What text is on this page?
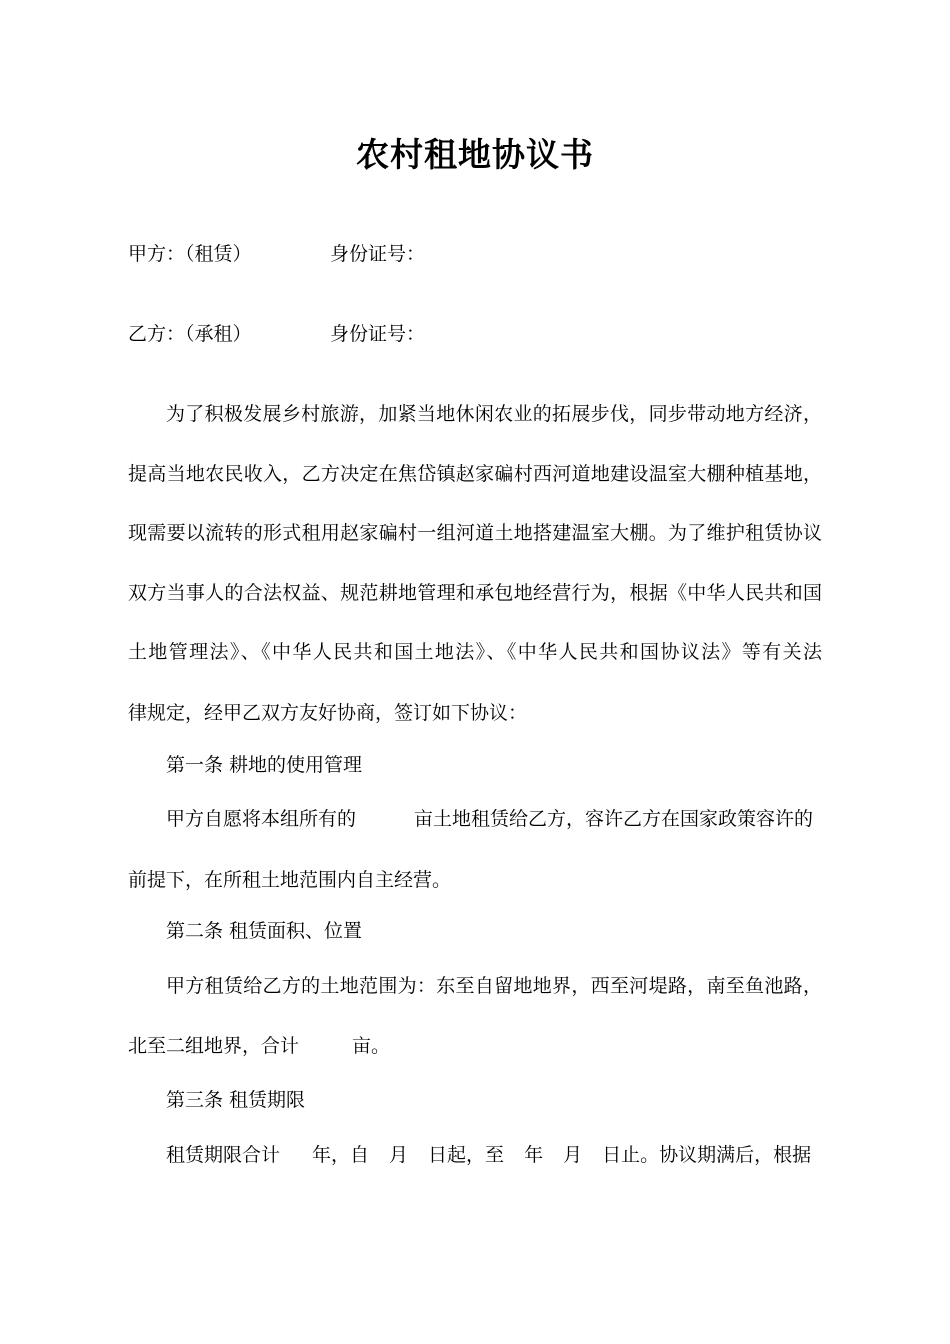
农村租地协议书
甲方：（租赁）	身份证号：
乙方：（承租）	身份证号：
为了积极发展乡村旅游，加紧当地休闲农业的拓展步伐，同步带动地方经济，
提高当地农民收入，乙方决定在焦岱镇赵家碥村西河道地建设温室大棚种植基地，
现需要以流转的形式租用赵家碥村一组河道土地搭建温室大棚。为了维护租赁协议
双方当事人的合法权益、规范耕地管理和承包地经营行为，根据《中华人民共和国
土地管理法》、《中华人民共和国土地法》、《中华人民共和国协议法》等有关法
律规定，经甲乙双方友好协商，签订如下协议：
第一条 耕地的使用管理
甲方自愿将本组所有的	亩土地租赁给乙方，容许乙方在国家政策容许的
前提下，在所租土地范围内自主经营。
第二条 租赁面积、位置
甲方租赁给乙方的土地范围为：东至自留地地界，西至河堤路，南至鱼池路，
北至二组地界，合计	亩。
第三条 租赁期限
租赁期限合计 年，自 月 日起，至 年 月 日止。协议期满后，根据
